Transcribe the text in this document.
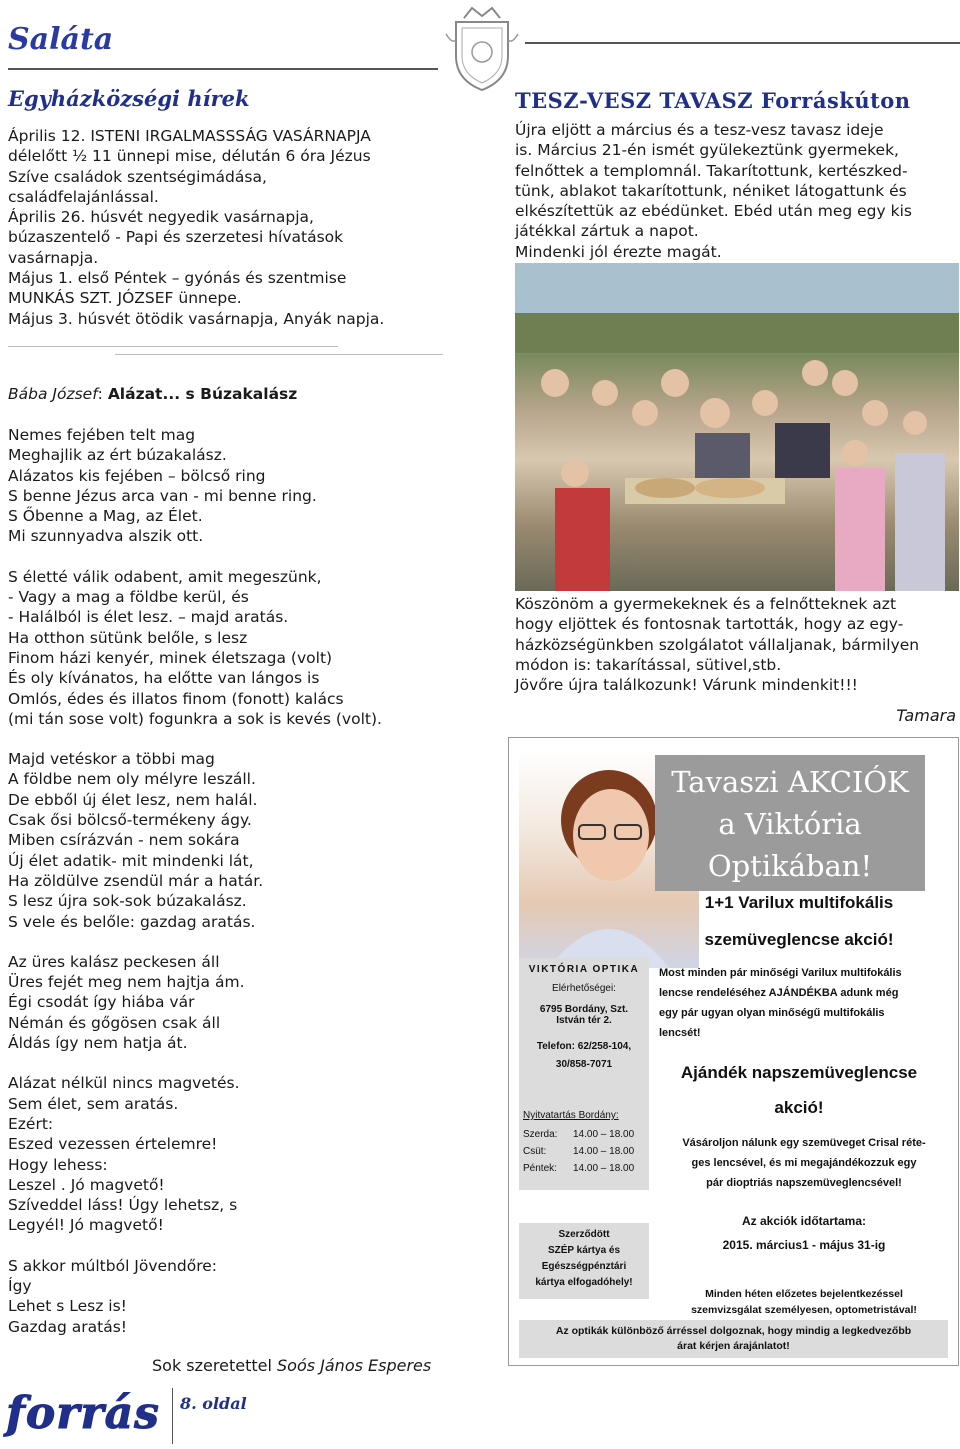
Saláta
Egyházközségi hírek

Április 12. ISTENI IRGALMASSSÁG VASÁRNAPJA

délelőtt ½ 11 ünnepi mise, délután 6 óra Jézus

Szíve családok szentségimádása,

családfelajánlással.

Április 26. húsvét negyedik vasárnapja,

búzaszentelő - Papi és szerzetesi hívatások

vasárnapja.

Május 1. első Péntek – gyónás és szentmise

MUNKÁS SZT. JÓZSEF ünnepe.

Május 3. húsvét ötödik vasárnapja, Anyák napja.

Bába József: Alázat... s Búzakalász

Nemes fejében telt mag

Meghajlik az ért búzakalász.

Alázatos kis fejében – bölcső ring

S benne Jézus arca van - mi benne ring.

S Őbenne a Mag, az Élet.

Mi szunnyadva alszik ott.

S életté válik odabent, amit megeszünk,

- Vagy a mag a földbe kerül, és

- Halálból is élet lesz. – majd aratás.

Ha otthon sütünk belőle, s lesz

Finom házi kenyér, minek életszaga (volt)

És oly kívánatos, ha előtte van lángos is

Omlós, édes és illatos finom (fonott) kalács

(mi tán sose volt) fogunkra a sok is kevés (volt).

Majd vetéskor a többi mag

A földbe nem oly mélyre leszáll.

De ebből új élet lesz, nem halál.

Csak ősi bölcső-termékeny ágy.

Miben csírázván - nem sokára

Új élet adatik- mit mindenki lát,

Ha zöldülve zsendül már a határ.

S lesz újra sok-sok búzakalász.

S vele és belőle: gazdag aratás.

Az üres kalász peckesen áll

Üres fejét meg nem hajtja ám.

Égi csodát így hiába vár

Némán és gőgösen csak áll

Áldás így nem hatja át.

Alázat nélkül nincs magvetés.

Sem élet, sem aratás.

Ezért:

Eszed vezessen értelemre!

Hogy lehess:

Leszel . Jó magvető!

Szíveddel láss! Úgy lehetsz, s

Legyél! Jó magvető!

S akkor múltból Jövendőre:

Így

Lehet s Lesz is!

Gazdag aratás!

Sok szeretettel Soós János Esperes
TESZ-VESZ TAVASZ Forráskúton

Újra eljött a március és a tesz-vesz tavasz ideje

is. Március 21-én ismét gyülekeztünk gyermekek,

felnőttek a templomnál. Takarítottunk, kertészked-

tünk, ablakot takarítottunk, néniket látogattunk és

elkészítettük az ebédünket. Ebéd után meg egy kis

játékkal zártuk a napot.

Mindenki jól érezte magát.

Köszönöm a gyermekeknek és a felnőtteknek azt

hogy eljöttek és fontosnak tartották, hogy az egy-

házközségünkben szolgálatot vállaljanak, bármilyen

módon is: takarítással, sütivel,stb.

Jövőre újra találkozunk! Várunk mindenkit!!!

Tamara
Tavaszi AKCIÓK
a Viktória
Optikában!
1+1 Varilux multifokális
szemüveglencse akció!
VIKTÓRIA OPTIKA
Elérhetőségei:
6795 Bordány, Szt.
István tér 2.
Telefon: 62/258-104,
30/858-7071
Most minden pár minőségi Varilux multifokális
lencse rendeléséhez AJÁNDÉKBA adunk még
egy pár ugyan olyan minőségű multifokális
lencsét!
Ajándék napszemüveglencse
akció!
Nyitvatartás Bordány:
Szerda:	14.00 – 18.00
Csüt:	14.00 – 18.00
Péntek:	14.00 – 18.00
Vásároljon nálunk egy szemüveget Crisal réte-
ges lencsével, és mi megajándékozzuk egy
pár dioptriás napszemüveglencsével!
Az akciók időtartama:
2015. március1 - május 31-ig
Szerződött
SZÉP kártya és
Egészségpénztári
kártya elfogadóhely!
Minden héten előzetes bejelentkezéssel
szemvizsgálat személyesen, optometristával!
Az optikák különböző árréssel dolgoznak, hogy mindig a legkedvezőbb
árat kérjen árajánlatot!
forrás	8. oldal
